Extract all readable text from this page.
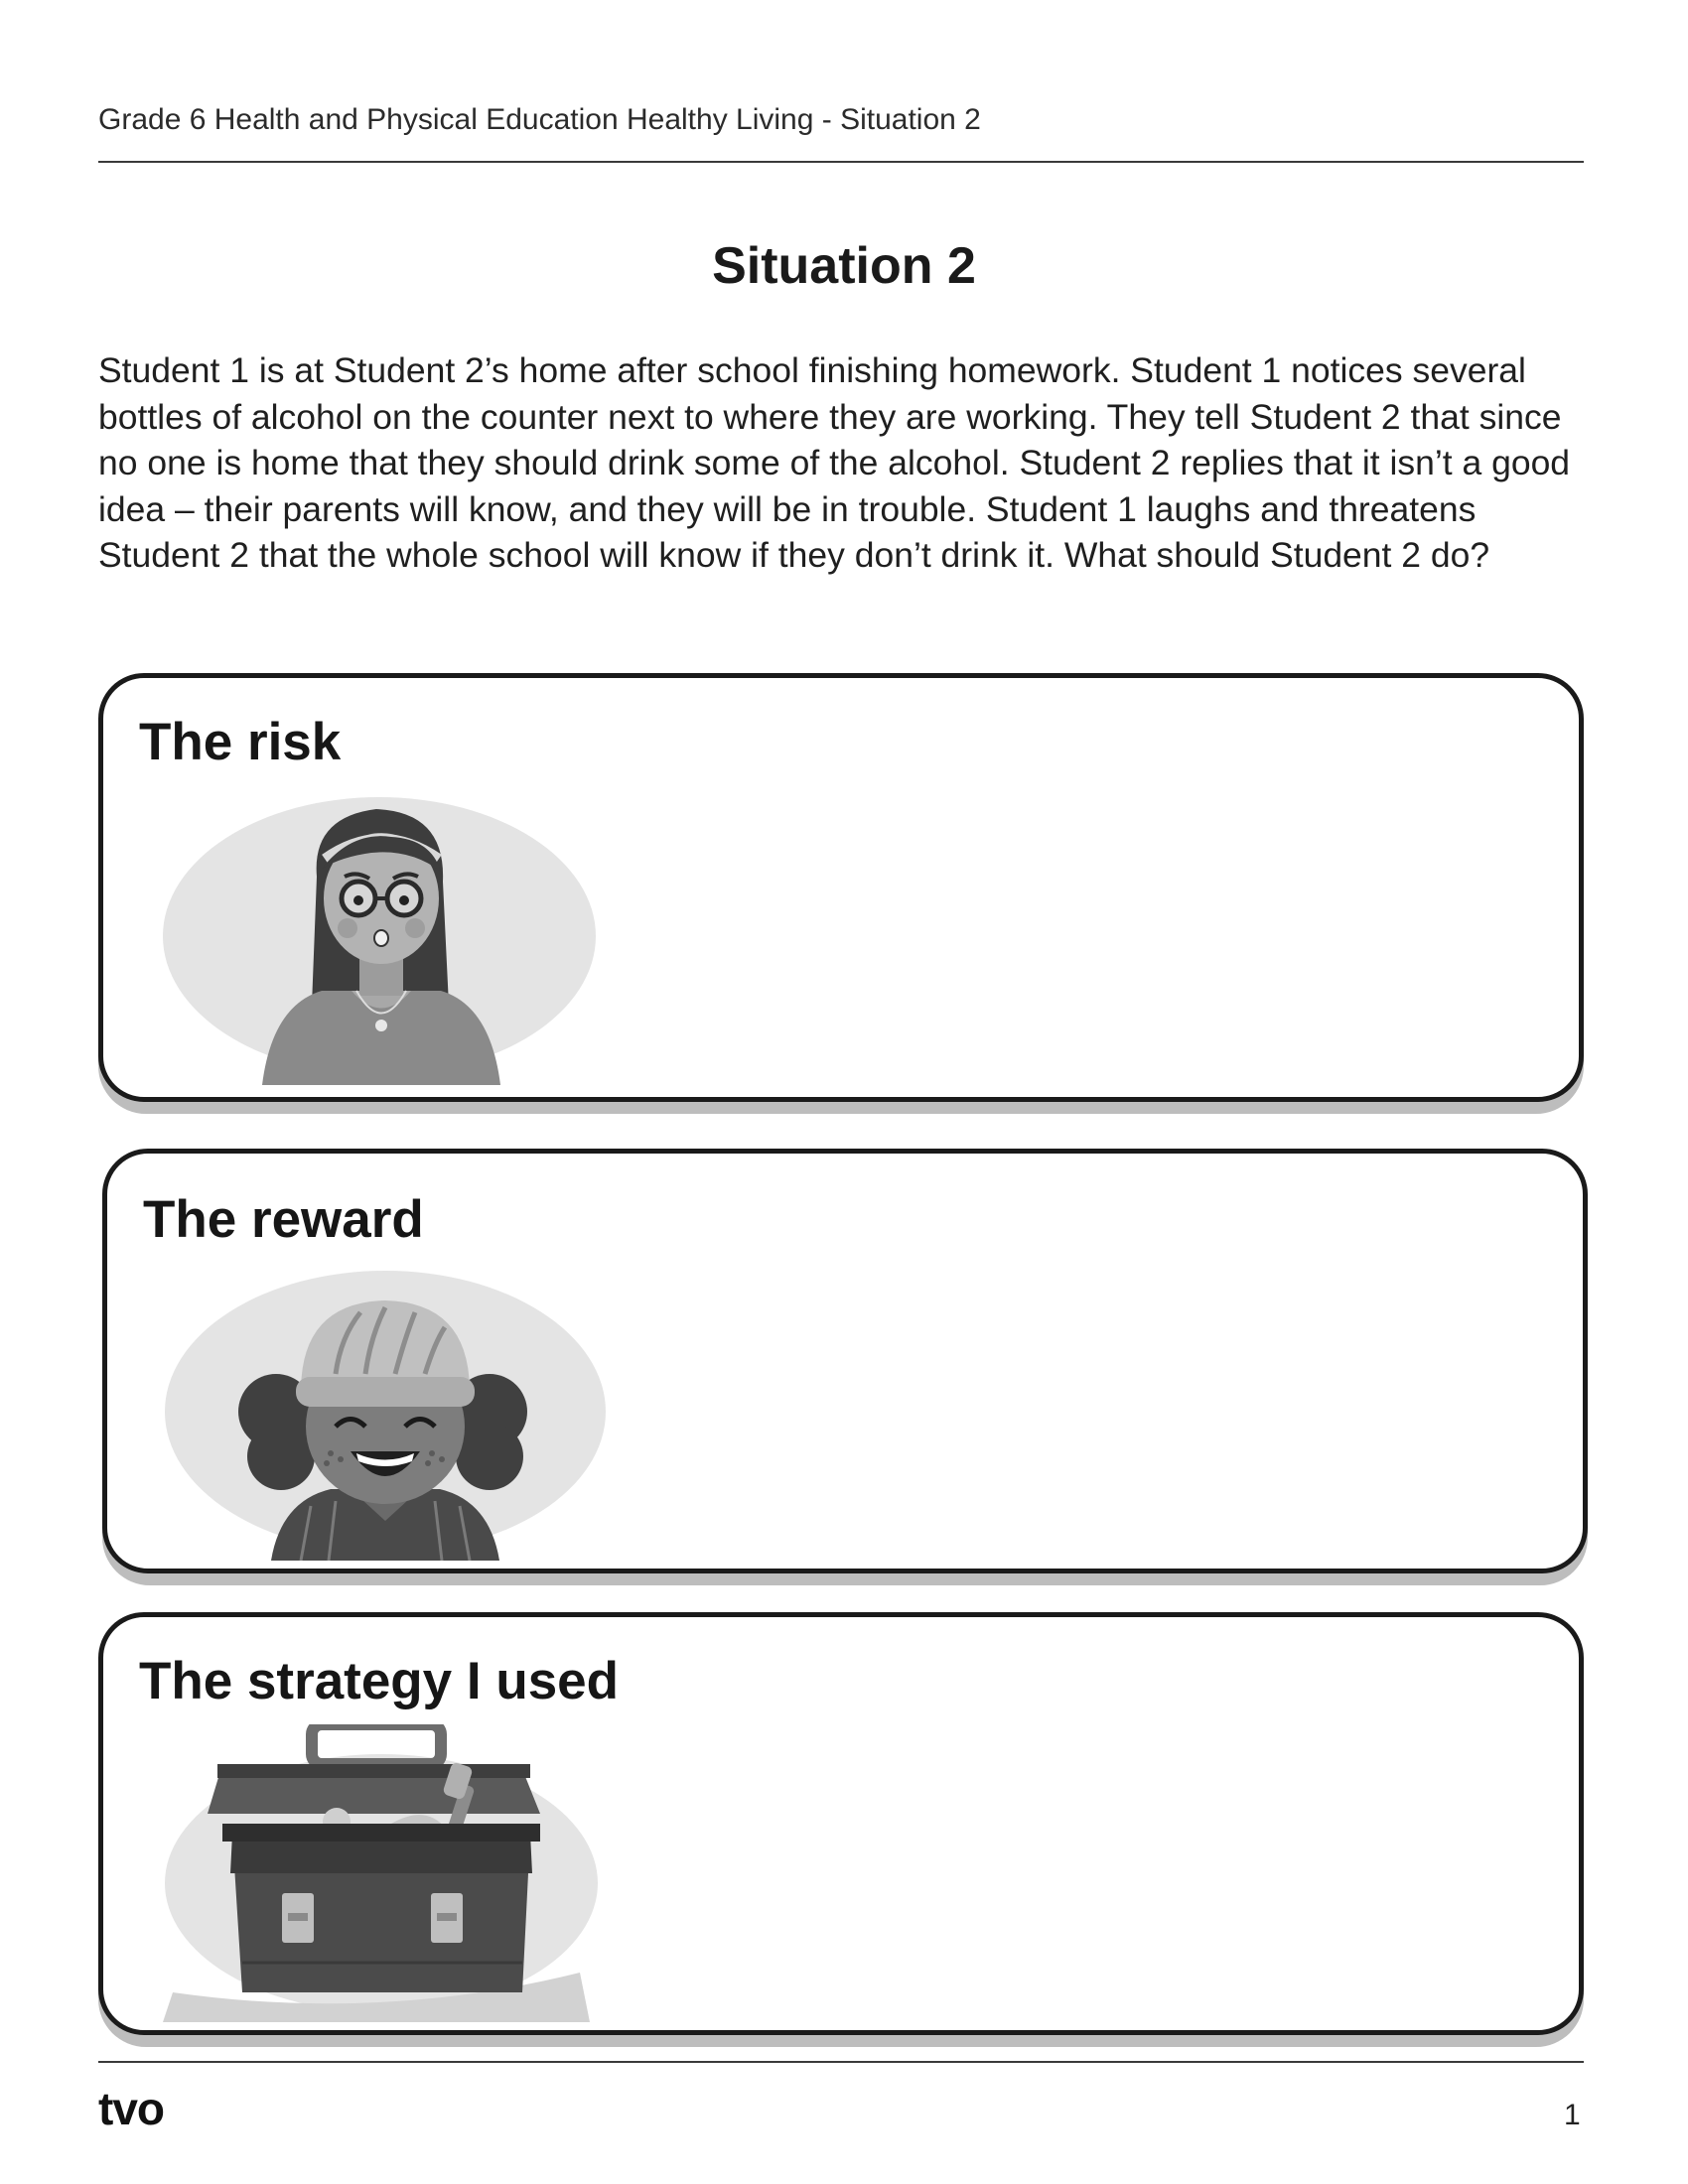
Grade 6 Health and Physical Education Healthy Living - Situation 2
Situation 2
Student 1 is at Student 2’s home after school finishing homework. Student 1 notices several bottles of alcohol on the counter next to where they are working. They tell Student 2 that since no one is home that they should drink some of the alcohol. Student 2 replies that it isn’t a good idea – their parents will know, and they will be in trouble. Student 1 laughs and threatens Student 2 that the whole school will know if they don’t drink it. What should Student 2 do?
The risk
The reward
The strategy I used
tvo	1
